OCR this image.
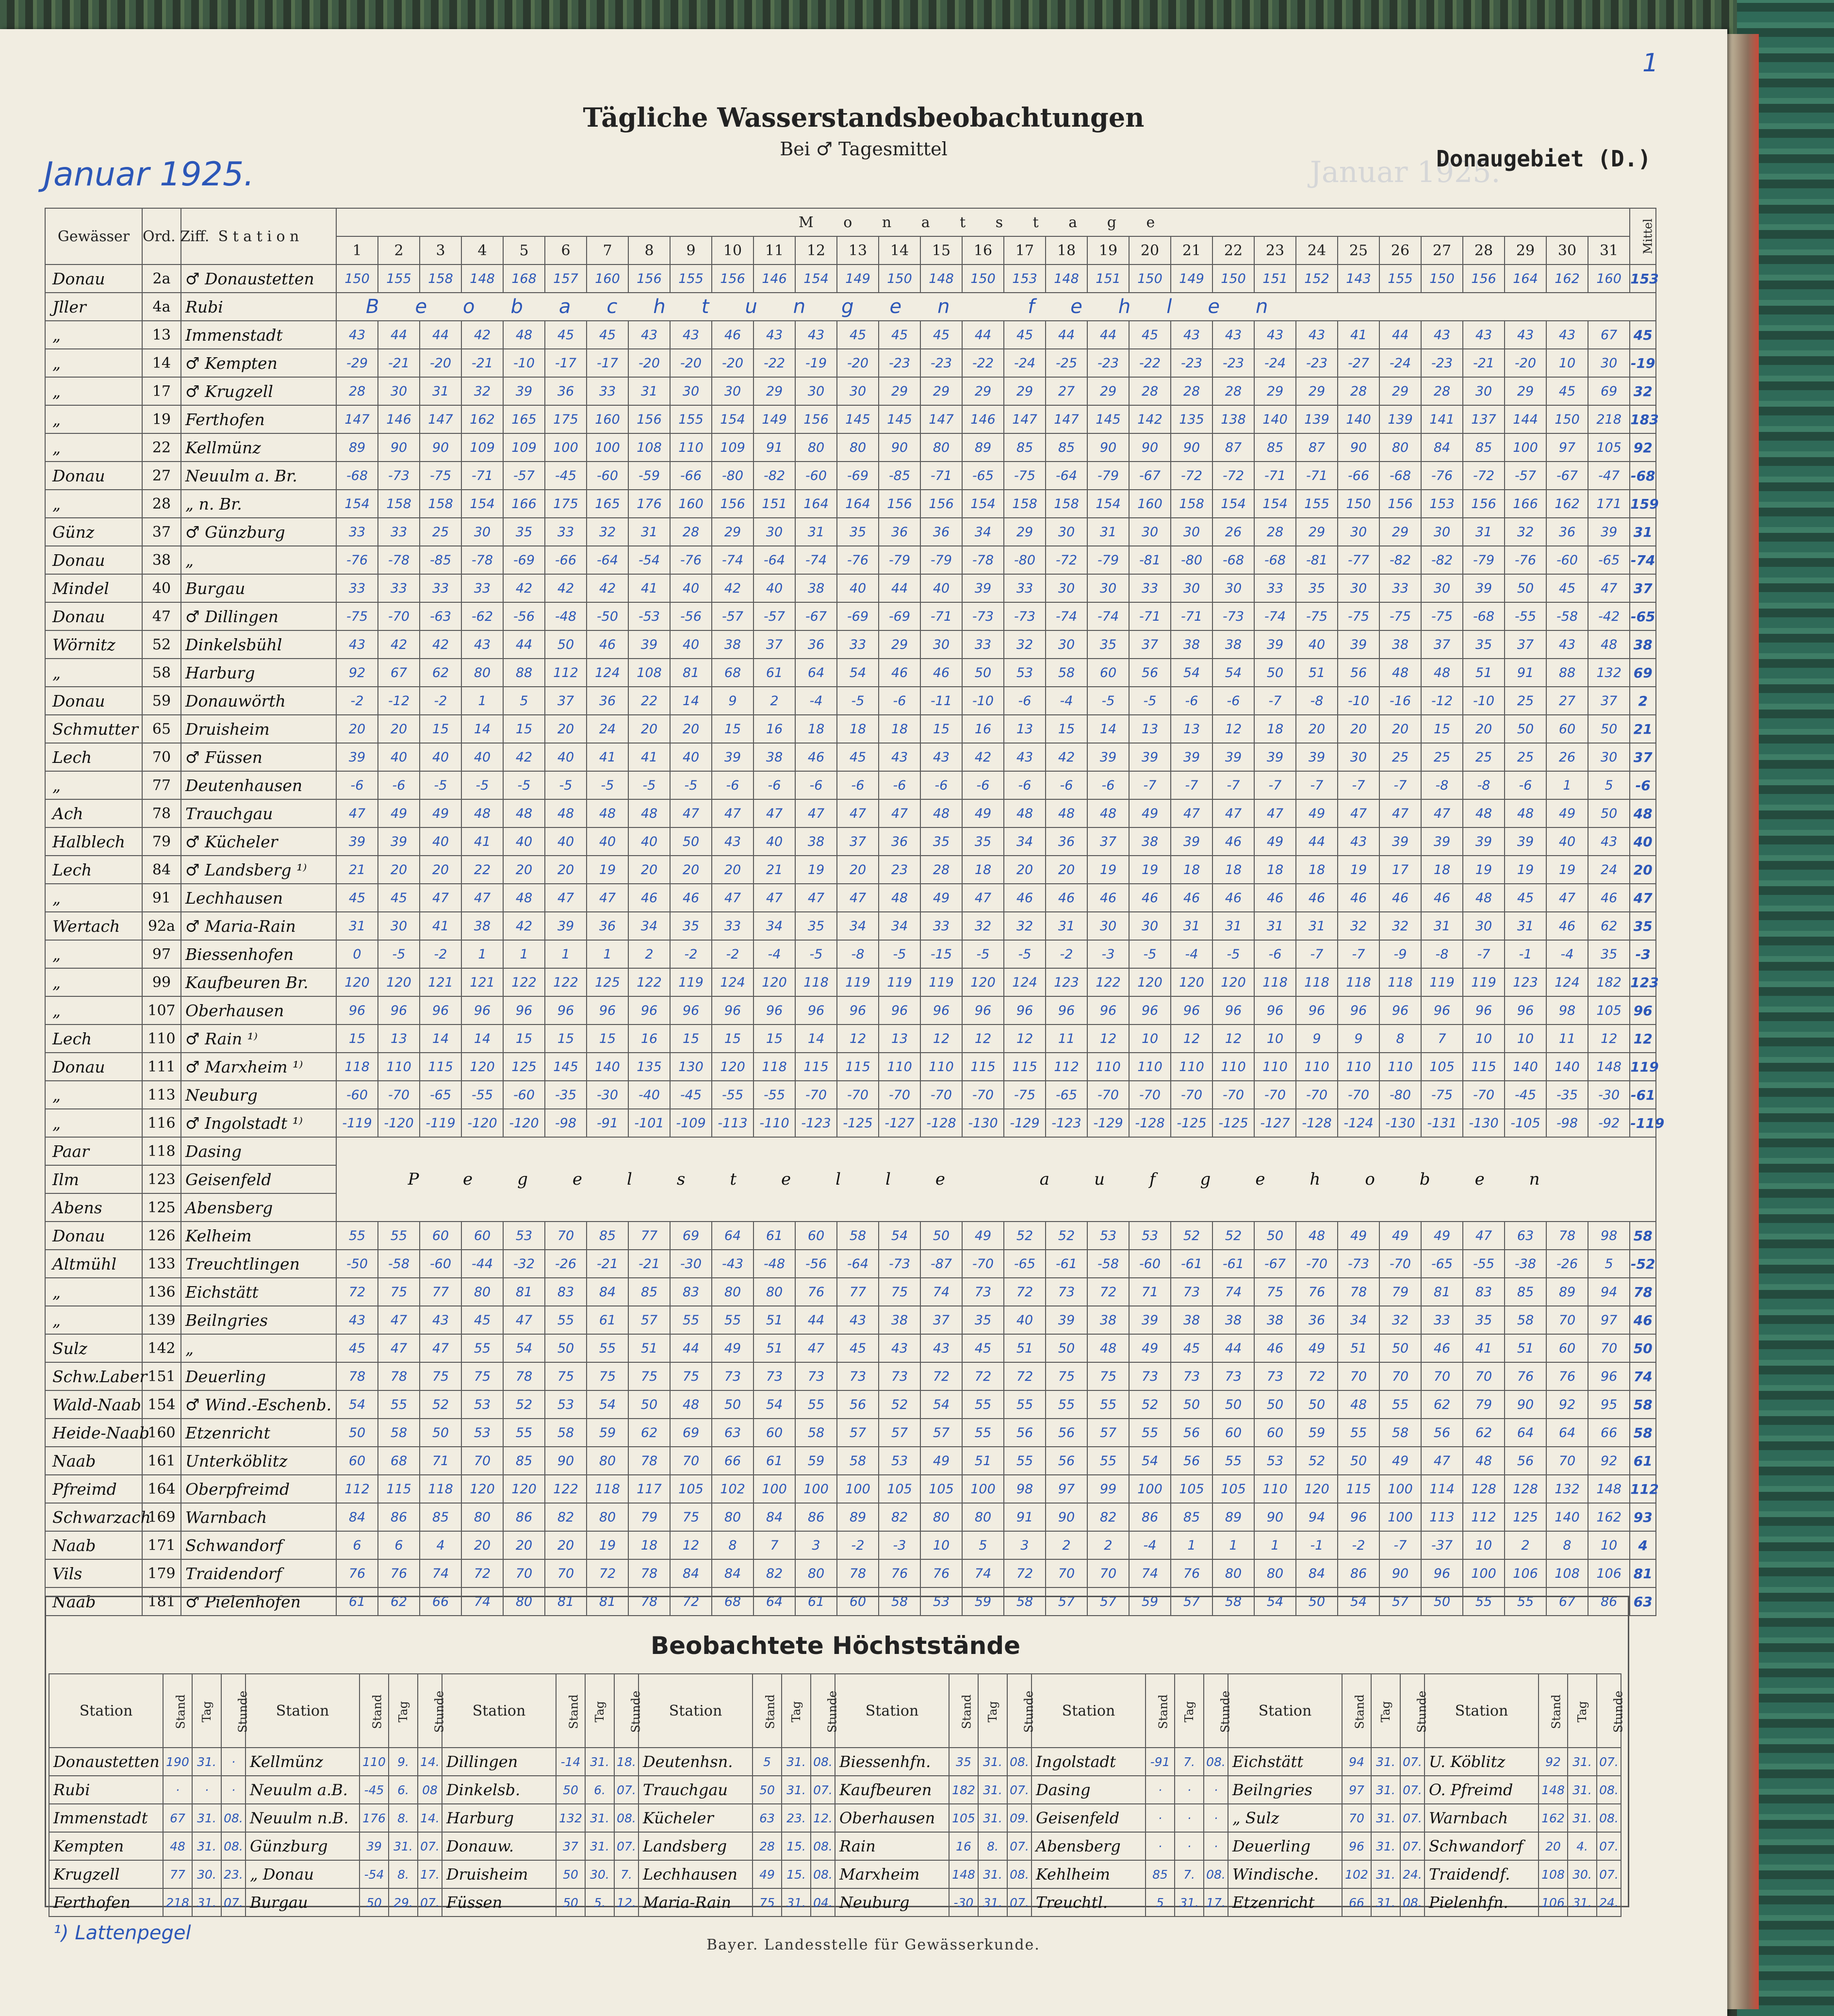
Januar 1925.
1
Tägliche Wasserstandsbeobachtungen
Bei ♂ Tagesmittel
Januar 1925.	Donaugebiet (D.)
Gewässer	Ord. Ziff.	S t a t i o n	M o n a t s t a g e																															Mittel
			1	2	3	4	5	6	7	8	9	10	11	12	13	14	15	16	17	18	19	20	21	22	23	24	25	26	27	28	29	30	31	
Donau	2a	♂ Donaustetten	150	155	158	148	168	157	160	156	155	156	146	154	149	150	148	150	153	148	151	150	149	150	151	152	143	155	150	156	164	162	160	153
Jller	4a	Rubi	Beobachtungen fehlen																															
„	13	Immenstadt	43	44	44	42	48	45	45	43	43	46	43	43	45	45	45	44	45	44	44	45	43	43	43	43	41	44	43	43	43	43	67	45
„	14	♂ Kempten	-29	-21	-20	-21	-10	-17	-17	-20	-20	-20	-22	-19	-20	-23	-23	-22	-24	-25	-23	-22	-23	-23	-24	-23	-27	-24	-23	-21	-20	10	30	-19
„	17	♂ Krugzell	28	30	31	32	39	36	33	31	30	30	29	30	30	29	29	29	29	27	29	28	28	28	29	29	28	29	28	30	29	45	69	32
„	19	Ferthofen	147	146	147	162	165	175	160	156	155	154	149	156	145	145	147	146	147	147	145	142	135	138	140	139	140	139	141	137	144	150	218	183
„	22	Kellmünz	89	90	90	109	109	100	100	108	110	109	91	80	80	90	80	89	85	85	90	90	90	87	85	87	90	80	84	85	100	97	105	92
Donau	27	Neuulm a. Br.	-68	-73	-75	-71	-57	-45	-60	-59	-66	-80	-82	-60	-69	-85	-71	-65	-75	-64	-79	-67	-72	-72	-71	-71	-66	-68	-76	-72	-57	-67	-47	-68
„	28	„ n. Br.	154	158	158	154	166	175	165	176	160	156	151	164	164	156	156	154	158	158	154	160	158	154	154	155	150	156	153	156	166	162	171	159
Günz	37	♂ Günzburg	33	33	25	30	35	33	32	31	28	29	30	31	35	36	36	34	29	30	31	30	30	26	28	29	30	29	30	31	32	36	39	31
Donau	38	„	-76	-78	-85	-78	-69	-66	-64	-54	-76	-74	-64	-74	-76	-79	-79	-78	-80	-72	-79	-81	-80	-68	-68	-81	-77	-82	-82	-79	-76	-60	-65	-74
Mindel	40	Burgau	33	33	33	33	42	42	42	41	40	42	40	38	40	44	40	39	33	30	30	33	30	30	33	35	30	33	30	39	50	45	47	37
Donau	47	♂ Dillingen	-75	-70	-63	-62	-56	-48	-50	-53	-56	-57	-57	-67	-69	-69	-71	-73	-73	-74	-74	-71	-71	-73	-74	-75	-75	-75	-75	-68	-55	-58	-42	-65
Wörnitz	52	Dinkelsbühl	43	42	42	43	44	50	46	39	40	38	37	36	33	29	30	33	32	30	35	37	38	38	39	40	39	38	37	35	37	43	48	38
„	58	Harburg	92	67	62	80	88	112	124	108	81	68	61	64	54	46	46	50	53	58	60	56	54	54	50	51	56	48	48	51	91	88	132	69
Donau	59	Donauwörth	-2	-12	-2	1	5	37	36	22	14	9	2	-4	-5	-6	-11	-10	-6	-4	-5	-5	-6	-6	-7	-8	-10	-16	-12	-10	25	27	37	2
Schmutter	65	Druisheim	20	20	15	14	15	20	24	20	20	15	16	18	18	18	15	16	13	15	14	13	13	12	18	20	20	20	15	20	50	60	50	21
Lech	70	♂ Füssen	39	40	40	40	42	40	41	41	40	39	38	46	45	43	43	42	43	42	39	39	39	39	39	39	30	25	25	25	25	26	30	37
„	77	Deutenhausen	-6	-6	-5	-5	-5	-5	-5	-5	-5	-6	-6	-6	-6	-6	-6	-6	-6	-6	-6	-7	-7	-7	-7	-7	-7	-7	-8	-8	-6	1	5	-6
Ach	78	Trauchgau	47	49	49	48	48	48	48	48	47	47	47	47	47	47	48	49	48	48	48	49	47	47	47	49	47	47	47	48	48	49	50	48
Halblech	79	♂ Kücheler	39	39	40	41	40	40	40	40	50	43	40	38	37	36	35	35	34	36	37	38	39	46	49	44	43	39	39	39	39	40	43	40
Lech	84	♂ Landsberg ¹⁾	21	20	20	22	20	20	19	20	20	20	21	19	20	23	28	18	20	20	19	19	18	18	18	18	19	17	18	19	19	19	24	20
„	91	Lechhausen	45	45	47	47	48	47	47	46	46	47	47	47	47	48	49	47	46	46	46	46	46	46	46	46	46	46	46	48	45	47	46	47
Wertach	92a	♂ Maria-Rain	31	30	41	38	42	39	36	34	35	33	34	35	34	34	33	32	32	31	30	30	31	31	31	31	32	32	31	30	31	46	62	35
„	97	Biessenhofen	0	-5	-2	1	1	1	1	2	-2	-2	-4	-5	-8	-5	-15	-5	-5	-2	-3	-5	-4	-5	-6	-7	-7	-9	-8	-7	-1	-4	35	-3
„	99	Kaufbeuren Br.	120	120	121	121	122	122	125	122	119	124	120	118	119	119	119	120	124	123	122	120	120	120	118	118	118	118	119	119	123	124	182	123
„	107	Oberhausen	96	96	96	96	96	96	96	96	96	96	96	96	96	96	96	96	96	96	96	96	96	96	96	96	96	96	96	96	96	98	105	96
Lech	110	♂ Rain ¹⁾	15	13	14	14	15	15	15	16	15	15	15	14	12	13	12	12	12	11	12	10	12	12	10	9	9	8	7	10	10	11	12	12
Donau	111	♂ Marxheim ¹⁾	118	110	115	120	125	145	140	135	130	120	118	115	115	110	110	115	115	112	110	110	110	110	110	110	110	110	105	115	140	140	148	119
„	113	Neuburg	-60	-70	-65	-55	-60	-35	-30	-40	-45	-55	-55	-70	-70	-70	-70	-70	-75	-65	-70	-70	-70	-70	-70	-70	-70	-80	-75	-70	-45	-35	-30	-61
„	116	♂ Ingolstadt ¹⁾	-119	-120	-119	-120	-120	-98	-91	-101	-109	-113	-110	-123	-125	-127	-128	-130	-129	-123	-129	-128	-125	-125	-127	-128	-124	-130	-131	-130	-105	-98	-92	-119
Paar	118	Dasing	Pegelstelle aufgehoben																															
Ilm	123	Geisenfeld																																
Abens	125	Abensberg																																
Donau	126	Kelheim	55	55	60	60	53	70	85	77	69	64	61	60	58	54	50	49	52	52	53	53	52	52	50	48	49	49	49	47	63	78	98	58
Altmühl	133	Treuchtlingen	-50	-58	-60	-44	-32	-26	-21	-21	-30	-43	-48	-56	-64	-73	-87	-70	-65	-61	-58	-60	-61	-61	-67	-70	-73	-70	-65	-55	-38	-26	5	-52
„	136	Eichstätt	72	75	77	80	81	83	84	85	83	80	80	76	77	75	74	73	72	73	72	71	73	74	75	76	78	79	81	83	85	89	94	78
„	139	Beilngries	43	47	43	45	47	55	61	57	55	55	51	44	43	38	37	35	40	39	38	39	38	38	38	36	34	32	33	35	58	70	97	46
Sulz	142	„	45	47	47	55	54	50	55	51	44	49	51	47	45	43	43	45	51	50	48	49	45	44	46	49	51	50	46	41	51	60	70	50
Schw.Laber	151	Deuerling	78	78	75	75	78	75	75	75	75	73	73	73	73	73	72	72	72	75	75	73	73	73	73	72	70	70	70	70	76	76	96	74
Wald-Naab	154	♂ Wind.-Eschenb.	54	55	52	53	52	53	54	50	48	50	54	55	56	52	54	55	55	55	55	52	50	50	50	50	48	55	62	79	90	92	95	58
Heide-Naab	160	Etzenricht	50	58	50	53	55	58	59	62	69	63	60	58	57	57	57	55	56	56	57	55	56	60	60	59	55	58	56	62	64	64	66	58
Naab	161	Unterköblitz	60	68	71	70	85	90	80	78	70	66	61	59	58	53	49	51	55	56	55	54	56	55	53	52	50	49	47	48	56	70	92	61
Pfreimd	164	Oberpfreimd	112	115	118	120	120	122	118	117	105	102	100	100	100	105	105	100	98	97	99	100	105	105	110	120	115	100	114	128	128	132	148	112
Schwarzach	169	Warnbach	84	86	85	80	86	82	80	79	75	80	84	86	89	82	80	80	91	90	82	86	85	89	90	94	96	100	113	112	125	140	162	93
Naab	171	Schwandorf	6	6	4	20	20	20	19	18	12	8	7	3	-2	-3	10	5	3	2	2	-4	1	1	1	-1	-2	-7	-37	10	2	8	10	4
Vils	179	Traidendorf	76	76	74	72	70	70	72	78	84	84	82	80	78	76	76	74	72	70	70	74	76	80	80	84	86	90	96	100	106	108	106	81
Naab	181	♂ Pielenhofen	61	62	66	74	80	81	81	78	72	68	64	61	60	58	53	59	58	57	57	59	57	58	54	50	54	57	50	55	55	67	86	63
Beobachtete Höchststände
Station	Stand	Tag	Stunde	Station	Stand	Tag	Stunde	Station	Stand	Tag	Stunde	Station	Stand	Tag	Stunde	Station	Stand	Tag	Stunde	Station	Stand	Tag	Stunde	Station	Stand	Tag	Stunde	Station	Stand	Tag	Stunde
Donaustetten	190	31.	·	Kellmünz	110	9.	14.	Dillingen	-14	31.	18.	Deutenhsn.	5	31.	08.	Biessenhfn.	35	31.	08.	Ingolstadt	-91	7.	08.	Eichstätt	94	31.	07.	U. Köblitz	92	31.	07.
Rubi	·	·	·	Neuulm a.B.	-45	6.	08	Dinkelsb.	50	6.	07.	Trauchgau	50	31.	07.	Kaufbeuren	182	31.	07.	Dasing	·	·	·	Beilngries	97	31.	07.	O. Pfreimd	148	31.	08.
Immenstadt	67	31.	08.	Neuulm n.B.	176	8.	14.	Harburg	132	31.	08.	Kücheler	63	23.	12.	Oberhausen	105	31.	09.	Geisenfeld	·	·	·	„ Sulz	70	31.	07.	Warnbach	162	31.	08.
Kempten	48	31.	08.	Günzburg	39	31.	07.	Donauw.	37	31.	07.	Landsberg	28	15.	08.	Rain	16	8.	07.	Abensberg	·	·	·	Deuerling	96	31.	07.	Schwandorf	20	4.	07.
Krugzell	77	30.	23.	„ Donau	-54	8.	17.	Druisheim	50	30.	7.	Lechhausen	49	15.	08.	Marxheim	148	31.	08.	Kehlheim	85	7.	08.	Windische.	102	31.	24.	Traidendf.	108	30.	07.
Ferthofen	218	31.	07.	Burgau	50	29.	07.	Füssen	50	5.	12.	Maria-Rain	75	31.	04.	Neuburg	-30	31.	07.	Treuchtl.	5	31.	17.	Etzenricht	66	31.	08.	Pielenhfn.	106	31.	24.
¹) Lattenpegel
Bayer. Landesstelle für Gewässerkunde.
